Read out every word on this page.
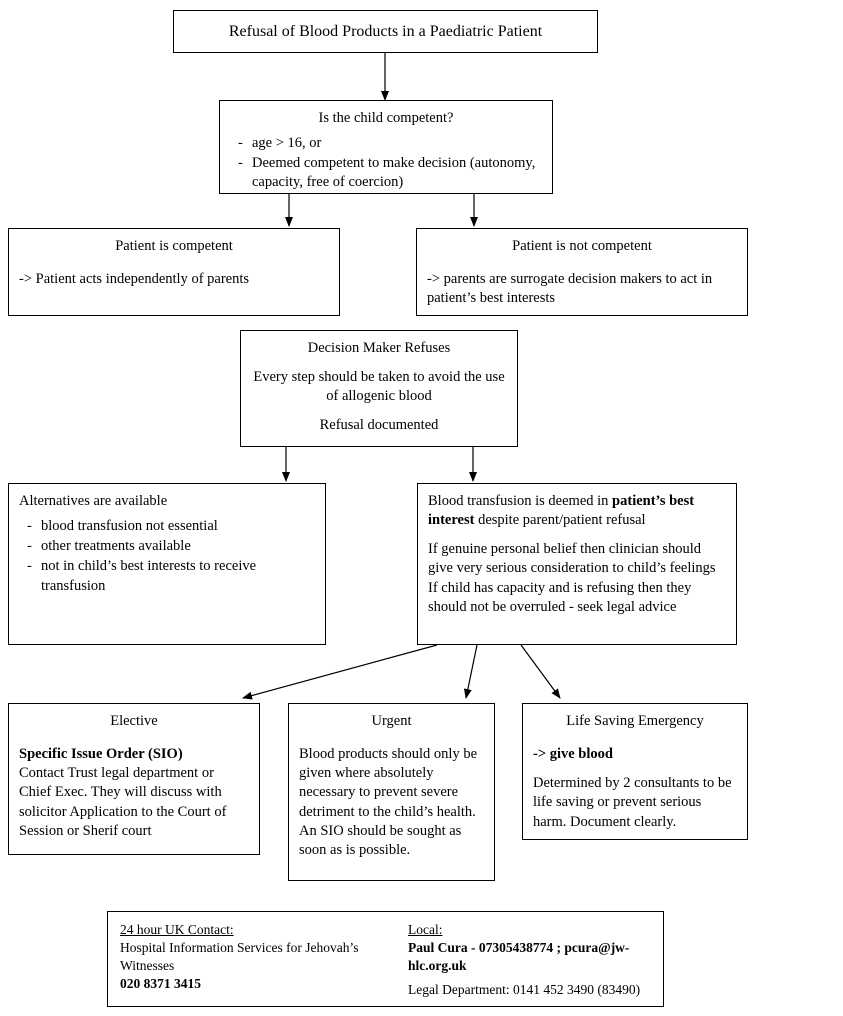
Refusal of Blood Products in a Paediatric Patient
Is the child competent?
- age > 16, or
- Deemed competent to make decision (autonomy, capacity, free of coercion)
Patient is competent
-> Patient acts independently of parents
Patient is not competent
-> parents are surrogate decision makers to act in patient’s best interests
Decision Maker Refuses
Every step should be taken to avoid the use of allogenic blood
Refusal documented
Alternatives are available
- blood transfusion not essential
- other treatments available
- not in child’s best interests to receive transfusion
Blood transfusion is deemed in patient’s best interest despite parent/patient refusal
If genuine personal belief then clinician should give very serious consideration to child’s feelings
If child has capacity and is refusing then they should not be overruled - seek legal advice
Elective
Specific Issue Order (SIO)
Contact Trust legal department or Chief Exec. They will discuss with solicitor Application to the Court of Session or Sherif court
Urgent
Blood products should only be given where absolutely necessary to prevent severe detriment to the child’s health. An SIO should be sought as soon as is possible.
Life Saving Emergency
-> give blood
Determined by 2 consultants to be life saving or prevent serious harm. Document clearly.
24 hour UK Contact:
Hospital Information Services for Jehovah’s Witnesses
020 8371 3415
Local:
Paul Cura - 07305438774 ; pcura@jw-hlc.org.uk
Legal Department: 0141 452 3490 (83490)
